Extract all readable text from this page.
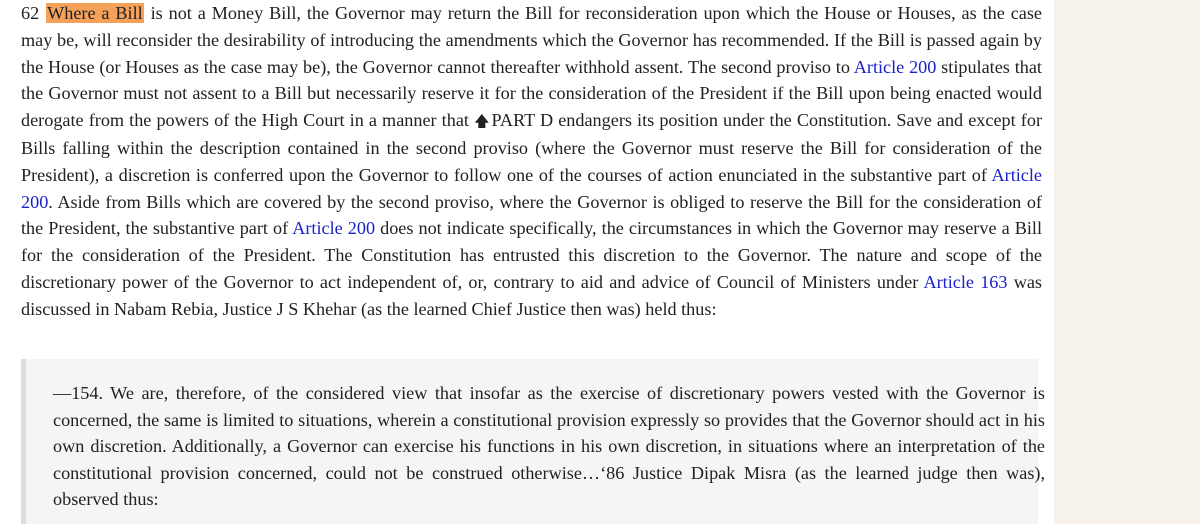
62 Where a Bill is not a Money Bill, the Governor may return the Bill for reconsideration upon which the House or Houses, as the case may be, will reconsider the desirability of introducing the amendments which the Governor has recommended. If the Bill is passed again by the House (or Houses as the case may be), the Governor cannot thereafter withhold assent. The second proviso to Article 200 stipulates that the Governor must not assent to a Bill but necessarily reserve it for the consideration of the President if the Bill upon being enacted would derogate from the powers of the High Court in a manner that 🡅 PART D endangers its position under the Constitution. Save and except for Bills falling within the description contained in the second proviso (where the Governor must reserve the Bill for consideration of the President), a discretion is conferred upon the Governor to follow one of the courses of action enunciated in the substantive part of Article 200. Aside from Bills which are covered by the second proviso, where the Governor is obliged to reserve the Bill for the consideration of the President, the substantive part of Article 200 does not indicate specifically, the circumstances in which the Governor may reserve a Bill for the consideration of the President. The Constitution has entrusted this discretion to the Governor. The nature and scope of the discretionary power of the Governor to act independent of, or, contrary to aid and advice of Council of Ministers under Article 163 was discussed in Nabam Rebia, Justice J S Khehar (as the learned Chief Justice then was) held thus:

—154. We are, therefore, of the considered view that insofar as the exercise of discretionary powers vested with the Governor is concerned, the same is limited to situations, wherein a constitutional provision expressly so provides that the Governor should act in his own discretion. Additionally, a Governor can exercise his functions in his own discretion, in situations where an interpretation of the constitutional provision concerned, could not be construed otherwise…‘86 Justice Dipak Misra (as the learned judge then was), observed thus:
